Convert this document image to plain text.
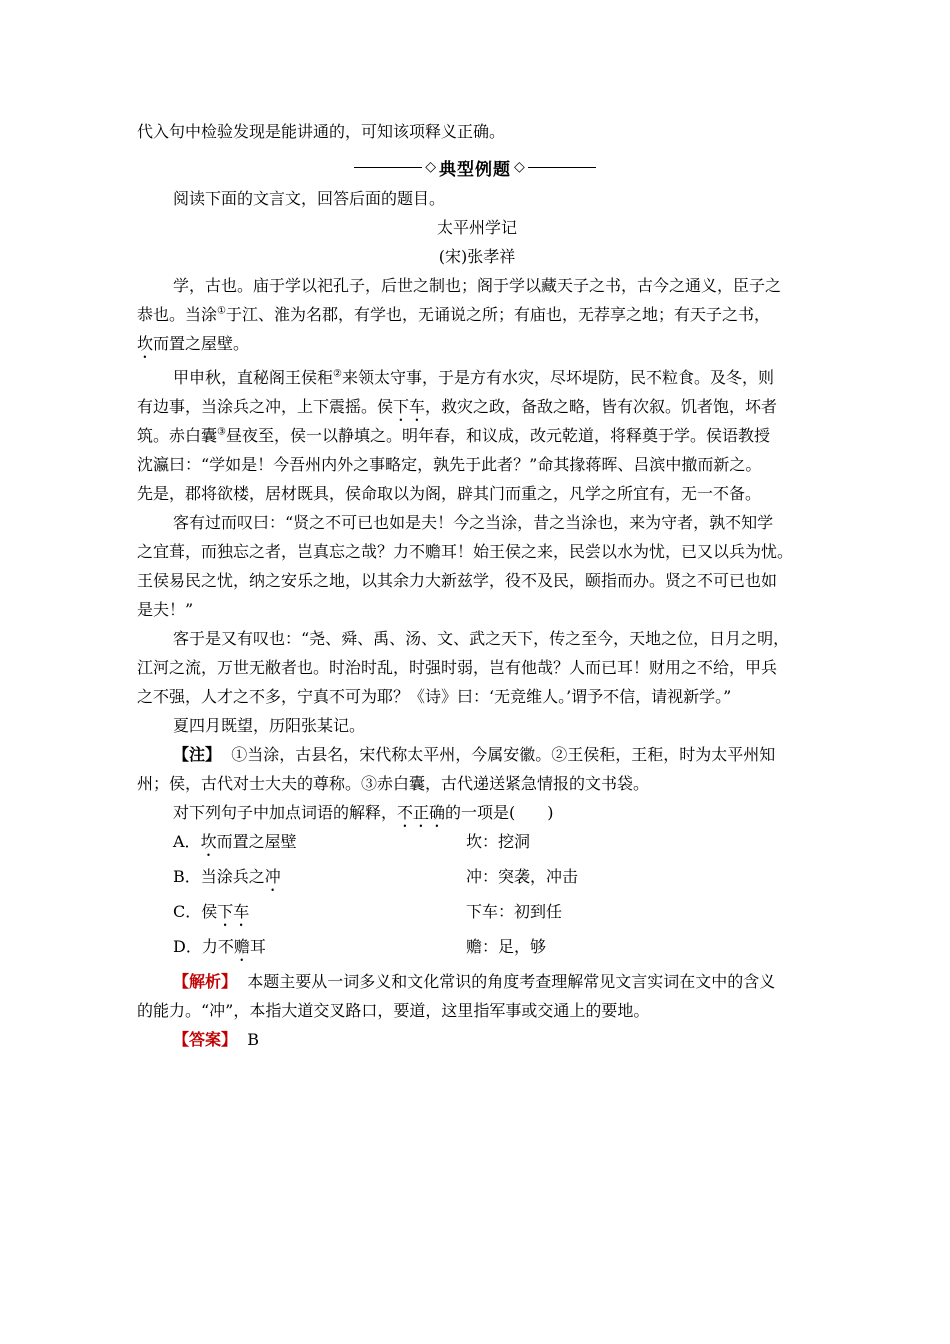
代入句中检验发现是能讲通的，可知该项释义正确。
◇ 典型例题 ◇
阅读下面的文言文，回答后面的题目。
太平州学记
(宋)张孝祥
学，古也。庙于学以祀孔子，后世之制也；阁于学以藏天子之书，古今之通义，臣子之
恭也。当涂①于江、淮为名郡，有学也，无诵说之所；有庙也，无荐享之地；有天子之书，
坎而置之屋壁。
甲申秋，直秘阁王侯秬②来领太守事，于是方有水灾，尽坏堤防，民不粒食。及冬，则
有边事，当涂兵之冲，上下震摇。侯下车，救灾之政，备敌之略，皆有次叙。饥者饱，坏者
筑。赤白囊③昼夜至，侯一以静填之。明年春，和议成，改元乾道，将释奠于学。侯语教授
沈瀛曰：“学如是！今吾州内外之事略定，孰先于此者？”命其掾蒋晖、吕滨中撤而新之。
先是，郡将欲楼，居材既具，侯命取以为阁，辟其门而重之，凡学之所宜有，无一不备。
客有过而叹曰：“贤之不可已也如是夫！今之当涂，昔之当涂也，来为守者，孰不知学
之宜葺，而独忘之者，岂真忘之哉？力不赡耳！始王侯之来，民尝以水为忧，已又以兵为忧。
王侯易民之忧，纳之安乐之地，以其余力大新兹学，役不及民，颐指而办。贤之不可已也如
是夫！”
客于是又有叹也：“尧、舜、禹、汤、文、武之天下，传之至今，天地之位，日月之明，
江河之流，万世无敝者也。时治时乱，时强时弱，岂有他哉？人而已耳！财用之不给，甲兵
之不强，人才之不多，宁真不可为耶？《诗》曰：‘无竞维人。’谓予不信，请视新学。”
夏四月既望，历阳张某记。
【注】 ①当涂，古县名，宋代称太平州，今属安徽。②王侯秬，王秬，时为太平州知
州；侯，古代对士大夫的尊称。③赤白囊，古代递送紧急情报的文书袋。
对下列句子中加点词语的解释，不正确的一项是(　　)
A．坎而置之屋壁	坎：挖洞
B．当涂兵之冲	冲：突袭，冲击
C．侯下车	下车：初到任
D．力不赡耳	赡：足，够
【解析】 本题主要从一词多义和文化常识的角度考查理解常见文言实词在文中的含义
的能力。“冲”，本指大道交叉路口，要道，这里指军事或交通上的要地。
【答案】 B
